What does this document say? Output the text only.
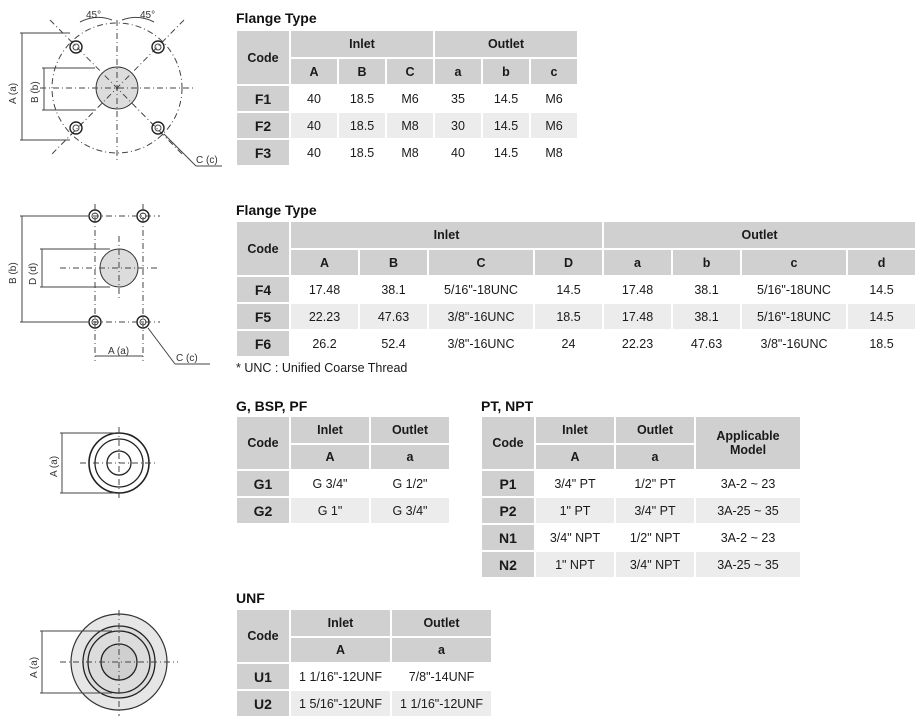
45°	45°
A (a) B (b)
C (c)
B (b) D (d)
A (a)
C (c)
A (a)
A (a)
Flange Type
Code	Inlet			Outlet		
	A	B	C	a	b	c
F1	40	18.5	M6	35	14.5	M6
F2	40	18.5	M8	30	14.5	M6
F3	40	18.5	M8	40	14.5	M8
Flange Type
Code	Inlet				Outlet			
	A	B	C	D	a	b	c	d
F4	17.48	38.1	5/16"-18UNC	14.5	17.48	38.1	5/16"-18UNC	14.5
F5	22.23	47.63	3/8"-16UNC	18.5	17.48	38.1	5/16"-18UNC	14.5
F6	26.2	52.4	3/8"-16UNC	24	22.23	47.63	3/8"-16UNC	18.5
* UNC : Unified Coarse Thread
G, BSP, PF
Code	Inlet	Outlet
	A	a
G1	G 3/4"	G 1/2"
G2	G 1"	G 3/4"
PT, NPT
Code	Inlet	Outlet	Applicable
Model

	A	a	
P1	3/4" PT	1/2" PT	3A-2 ~ 23
P2	1" PT	3/4" PT	3A-25 ~ 35
N1	3/4" NPT	1/2" NPT	3A-2 ~ 23
N2	1" NPT	3/4" NPT	3A-25 ~ 35
UNF
Code	Inlet	Outlet
	A	a
U1	1 1/16"-12UNF	7/8"-14UNF
U2	1 5/16"-12UNF	1 1/16"-12UNF
